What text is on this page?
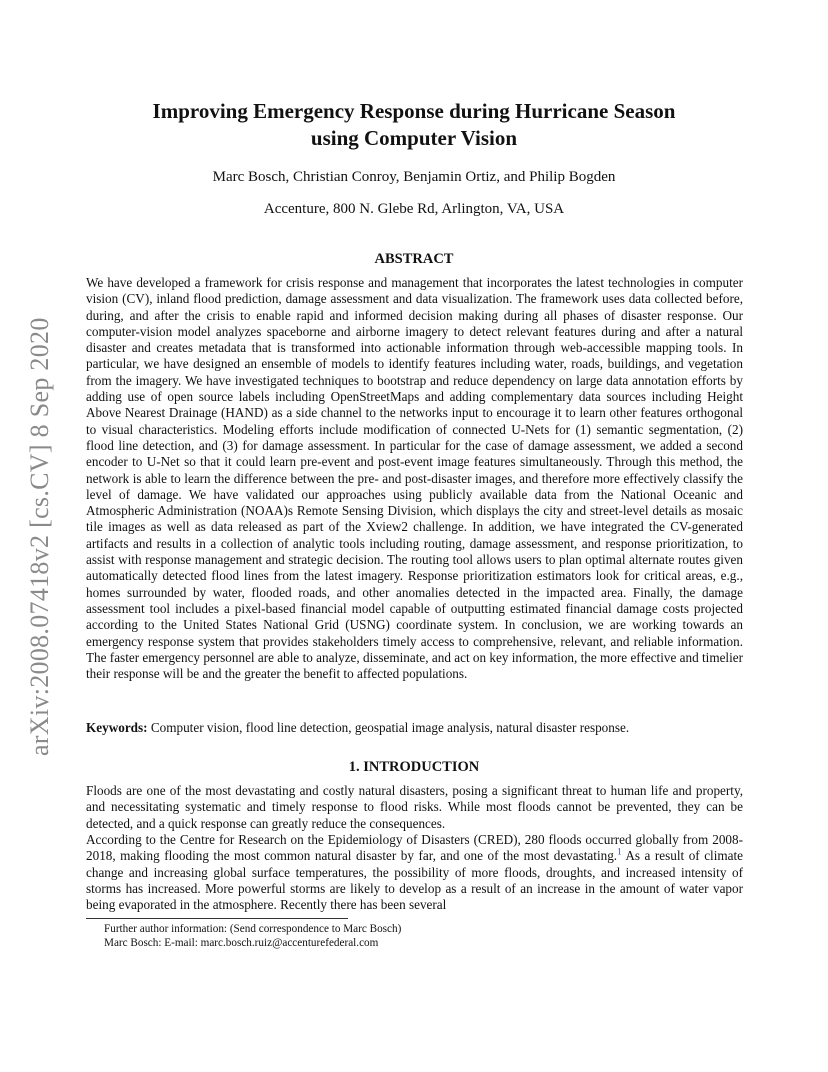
arXiv:2008.07418v2 [cs.CV] 8 Sep 2020
Improving Emergency Response during Hurricane Season
using Computer Vision
Marc Bosch, Christian Conroy, Benjamin Ortiz, and Philip Bogden
Accenture, 800 N. Glebe Rd, Arlington, VA, USA
ABSTRACT

We have developed a framework for crisis response and management that incorporates the latest technologies in computer vision (CV), inland flood prediction, damage assessment and data visualization. The framework uses data collected before, during, and after the crisis to enable rapid and informed decision making during all phases of disaster response. Our computer-vision model analyzes spaceborne and airborne imagery to detect relevant features during and after a natural disaster and creates metadata that is transformed into actionable information through web-accessible mapping tools. In particular, we have designed an ensemble of models to identify features including water, roads, buildings, and vegetation from the imagery. We have investigated techniques to bootstrap and reduce dependency on large data annotation efforts by adding use of open source labels including OpenStreetMaps and adding complementary data sources including Height Above Nearest Drainage (HAND) as a side channel to the networks input to encourage it to learn other features orthogonal to visual characteristics. Modeling efforts include modification of connected U-Nets for (1) semantic segmentation, (2) flood line detection, and (3) for damage assessment. In particular for the case of damage assessment, we added a second encoder to U-Net so that it could learn pre-event and post-event image features simultaneously. Through this method, the network is able to learn the difference between the pre- and post-disaster images, and therefore more effectively classify the level of damage. We have validated our approaches using publicly available data from the National Oceanic and Atmospheric Administration (NOAA)s Remote Sensing Division, which displays the city and street-level details as mosaic tile images as well as data released as part of the Xview2 challenge. In addition, we have integrated the CV-generated artifacts and results in a collection of analytic tools including routing, damage assessment, and response prioritization, to assist with response management and strategic decision. The routing tool allows users to plan optimal alternate routes given automatically detected flood lines from the latest imagery. Response prioritization estimators look for critical areas, e.g., homes surrounded by water, flooded roads, and other anomalies detected in the impacted area. Finally, the damage assessment tool includes a pixel-based financial model capable of outputting estimated financial damage costs projected according to the United States National Grid (USNG) coordinate system. In conclusion, we are working towards an emergency response system that provides stakeholders timely access to comprehensive, relevant, and reliable information. The faster emergency personnel are able to analyze, disseminate, and act on key information, the more effective and timelier their response will be and the greater the benefit to affected populations.

Keywords: Computer vision, flood line detection, geospatial image analysis, natural disaster response.
1. INTRODUCTION

Floods are one of the most devastating and costly natural disasters, posing a significant threat to human life and property, and necessitating systematic and timely response to flood risks. While most floods cannot be prevented, they can be detected, and a quick response can greatly reduce the consequences.

According to the Centre for Research on the Epidemiology of Disasters (CRED), 280 floods occurred globally from 2008-2018, making flooding the most common natural disaster by far, and one of the most devastating.$^1$ As a result of climate change and increasing global surface temperatures, the possibility of more floods, droughts, and increased intensity of storms has increased. More powerful storms are likely to develop as a result of an increase in the amount of water vapor being evaporated in the atmosphere. Recently there has been several

Further author information: (Send correspondence to Marc Bosch)
Marc Bosch: E-mail: marc.bosch.ruiz@accenturefederal.com
